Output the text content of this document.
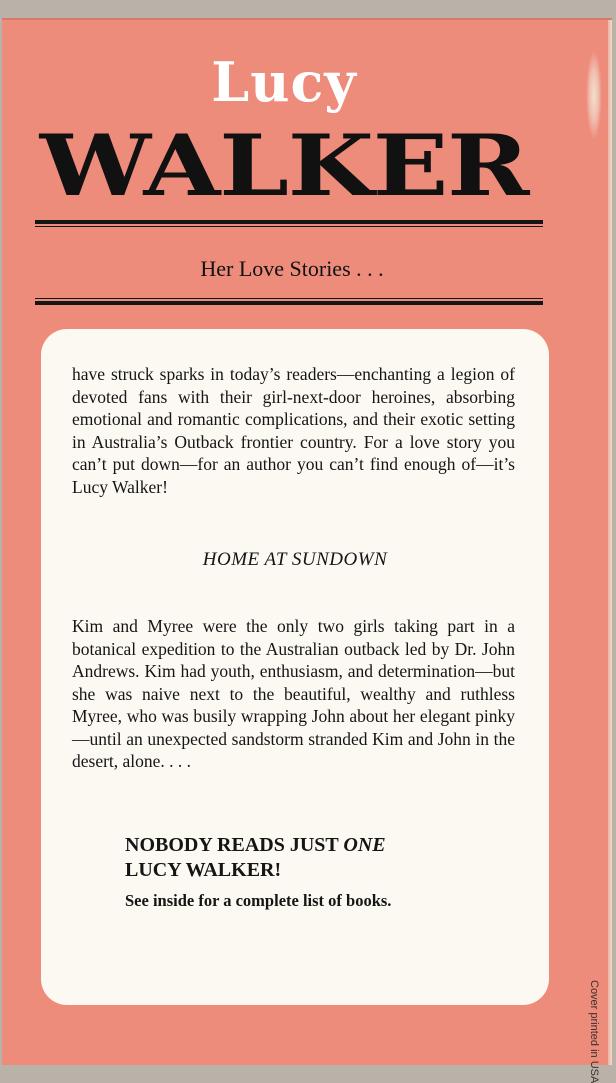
Lucy
WALKER
Her Love Stories . . .

have struck sparks in today’s readers—enchanting a legion of devoted fans with their girl-next-door heroines, absorbing emotional and romantic complications, and their exotic setting in Australia’s Outback frontier country. For a love story you can’t put down—for an author you can’t find enough of—it’s Lucy Walker!

HOME AT SUNDOWN

Kim and Myree were the only two girls taking part in a botanical expedition to the Australian outback led by Dr. John Andrews. Kim had youth, enthusiasm, and determination—but she was naive next to the beautiful, wealthy and ruthless Myree, who was busily wrapping John about her elegant pinky—until an unexpected sandstorm stranded Kim and John in the desert, alone. . . .

NOBODY READS JUST ONE
LUCY WALKER!
See inside for a complete list of books.
Cover printed in USA
